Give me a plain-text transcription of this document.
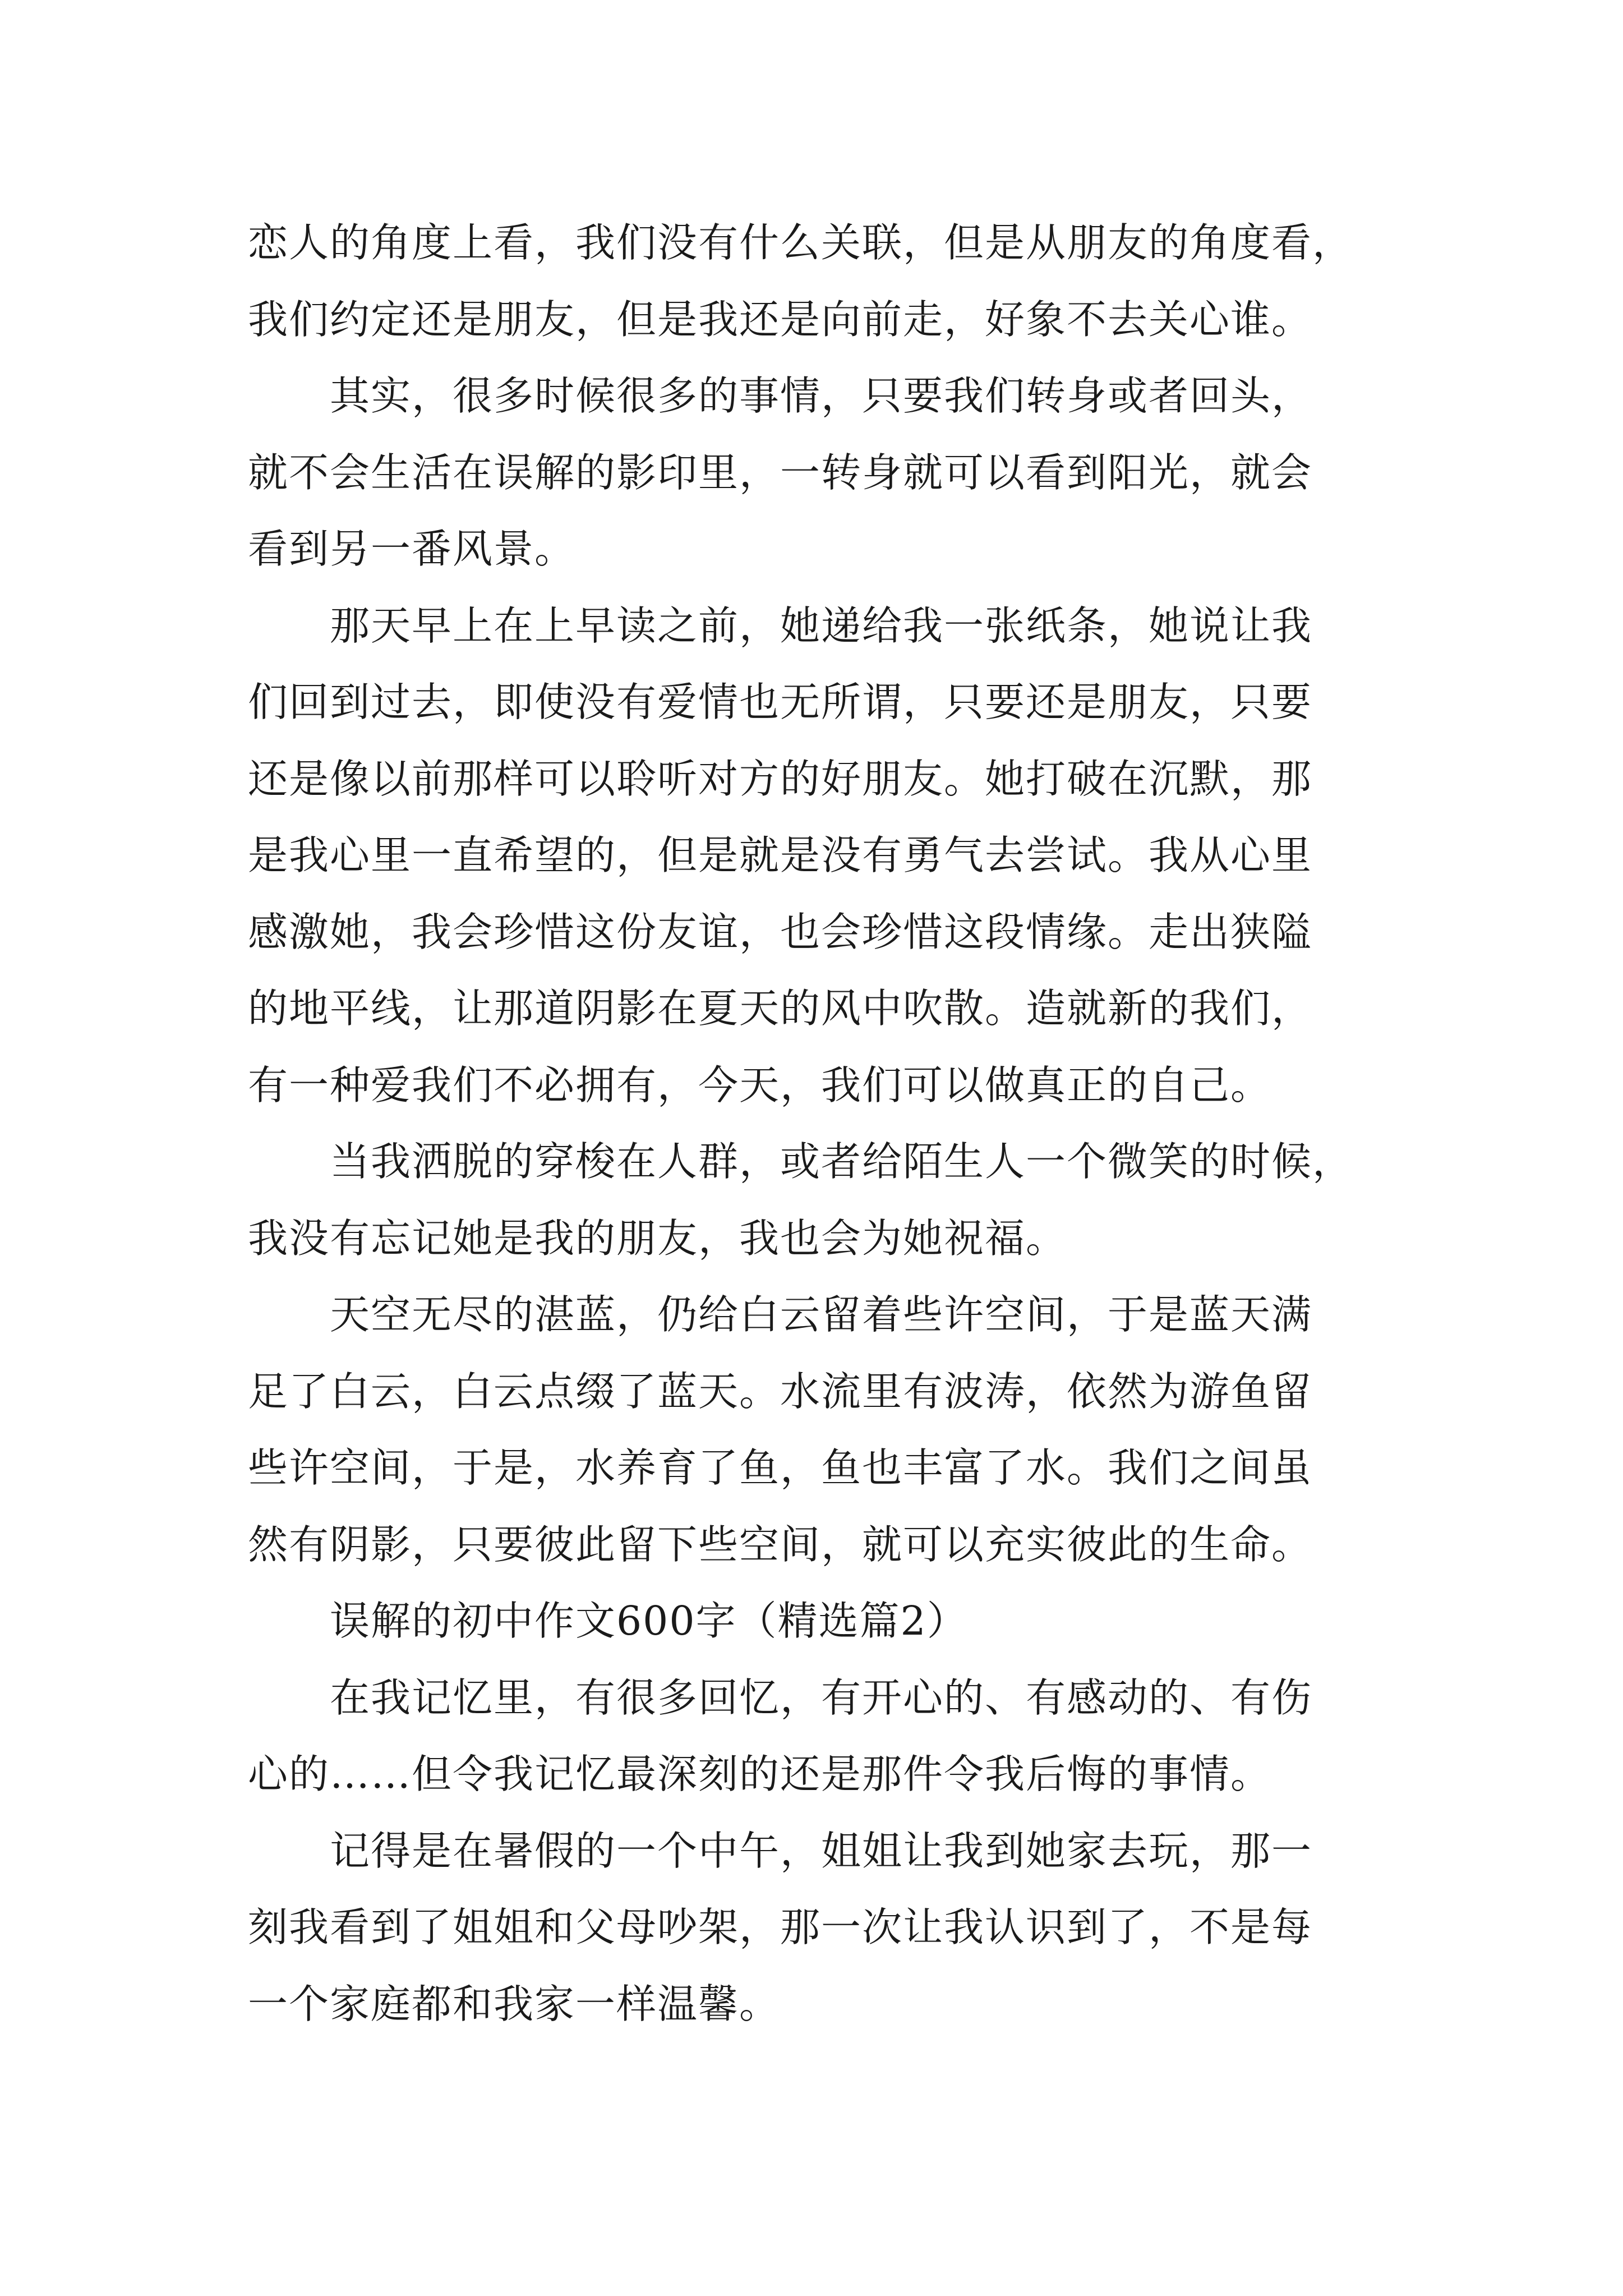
恋人的角度上看，我们没有什么关联，但是从朋友的角度看，
我们约定还是朋友，但是我还是向前走，好象不去关心谁。
其实，很多时候很多的事情，只要我们转身或者回头，
就不会生活在误解的影印里，一转身就可以看到阳光，就会
看到另一番风景。
那天早上在上早读之前，她递给我一张纸条，她说让我
们回到过去，即使没有爱情也无所谓，只要还是朋友，只要
还是像以前那样可以聆听对方的好朋友。她打破在沉默，那
是我心里一直希望的，但是就是没有勇气去尝试。我从心里
感激她，我会珍惜这份友谊，也会珍惜这段情缘。走出狭隘
的地平线，让那道阴影在夏天的风中吹散。造就新的我们，
有一种爱我们不必拥有，今天，我们可以做真正的自己。
当我洒脱的穿梭在人群，或者给陌生人一个微笑的时候，
我没有忘记她是我的朋友，我也会为她祝福。
天空无尽的湛蓝，仍给白云留着些许空间，于是蓝天满
足了白云，白云点缀了蓝天。水流里有波涛，依然为游鱼留
些许空间，于是，水养育了鱼，鱼也丰富了水。我们之间虽
然有阴影，只要彼此留下些空间，就可以充实彼此的生命。
误解的初中作文600字（精选篇2）
在我记忆里，有很多回忆，有开心的、有感动的、有伤
心的……但令我记忆最深刻的还是那件令我后悔的事情。
记得是在暑假的一个中午，姐姐让我到她家去玩，那一
刻我看到了姐姐和父母吵架，那一次让我认识到了，不是每
一个家庭都和我家一样温馨。
